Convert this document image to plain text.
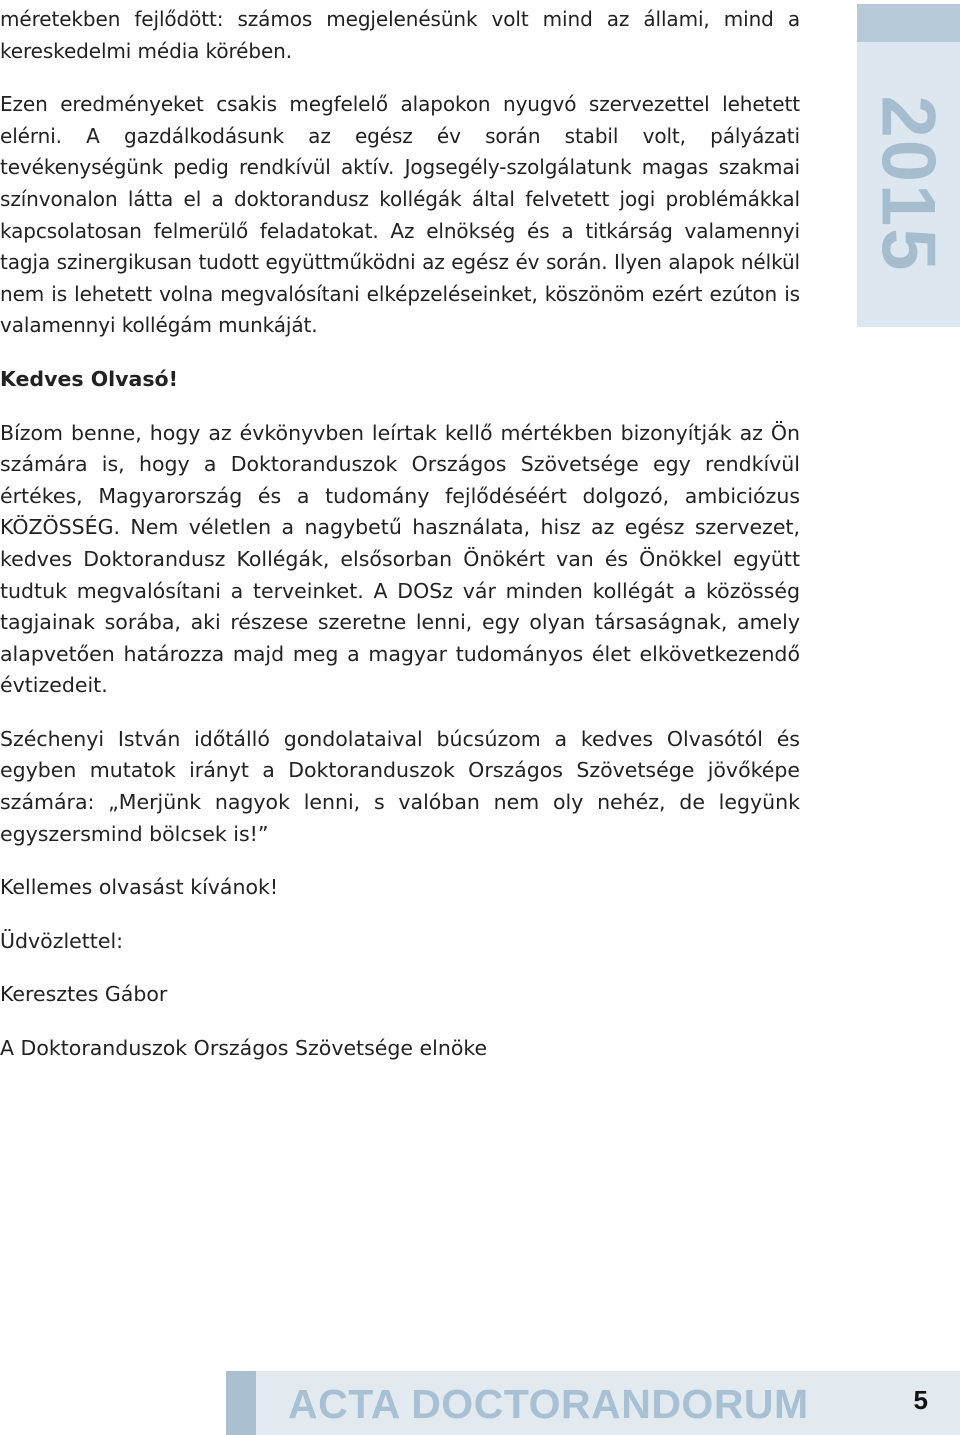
méretekben fejlődött: számos megjelenésünk volt mind az állami, mind a kereskedelmi média körében.

Ezen eredményeket csakis megfelelő alapokon nyugvó szervezettel lehetett elérni. A gazdálkodásunk az egész év során stabil volt, pályázati tevékenységünk pedig rendkívül aktív. Jogsegély-szolgálatunk magas szakmai színvonalon látta el a doktorandusz kollégák által felvetett jogi problémákkal kapcsolatosan felmerülő feladatokat. Az elnökség és a titkárság valamennyi tagja szinergikusan tudott együttműködni az egész év során. Ilyen alapok nélkül nem is lehetett volna megvalósítani elképzeléseinket, köszönöm ezért ezúton is valamennyi kollégám munkáját.

Kedves Olvasó!

Bízom benne, hogy az évkönyvben leírtak kellő mértékben bizonyítják az Ön számára is, hogy a Doktoranduszok Országos Szövetsége egy rendkívül értékes, Magyarország és a tudomány fejlődéséért dolgozó, ambiciózus KÖZÖSSÉG. Nem véletlen a nagybetű használata, hisz az egész szervezet, kedves Doktorandusz Kollégák, elsősorban Önökért van és Önökkel együtt tudtuk megvalósítani a terveinket. A DOSz vár minden kollégát a közösség tagjainak sorába, aki részese szeretne lenni, egy olyan társaságnak, amely alapvetően határozza majd meg a magyar tudományos élet elkövetkezendő évtizedeit.

Széchenyi István időtálló gondolataival búcsúzom a kedves Olvasótól és egyben mutatok irányt a Doktoranduszok Országos Szövetsége jövőképe számára: „Merjünk nagyok lenni, s valóban nem oly nehéz, de legyünk egyszersmind bölcsek is!”

Kellemes olvasást kívánok!

Üdvözlettel:

Keresztes Gábor

A Doktoranduszok Országos Szövetsége elnöke

2015
ACTA DOCTORANDORUM	5
